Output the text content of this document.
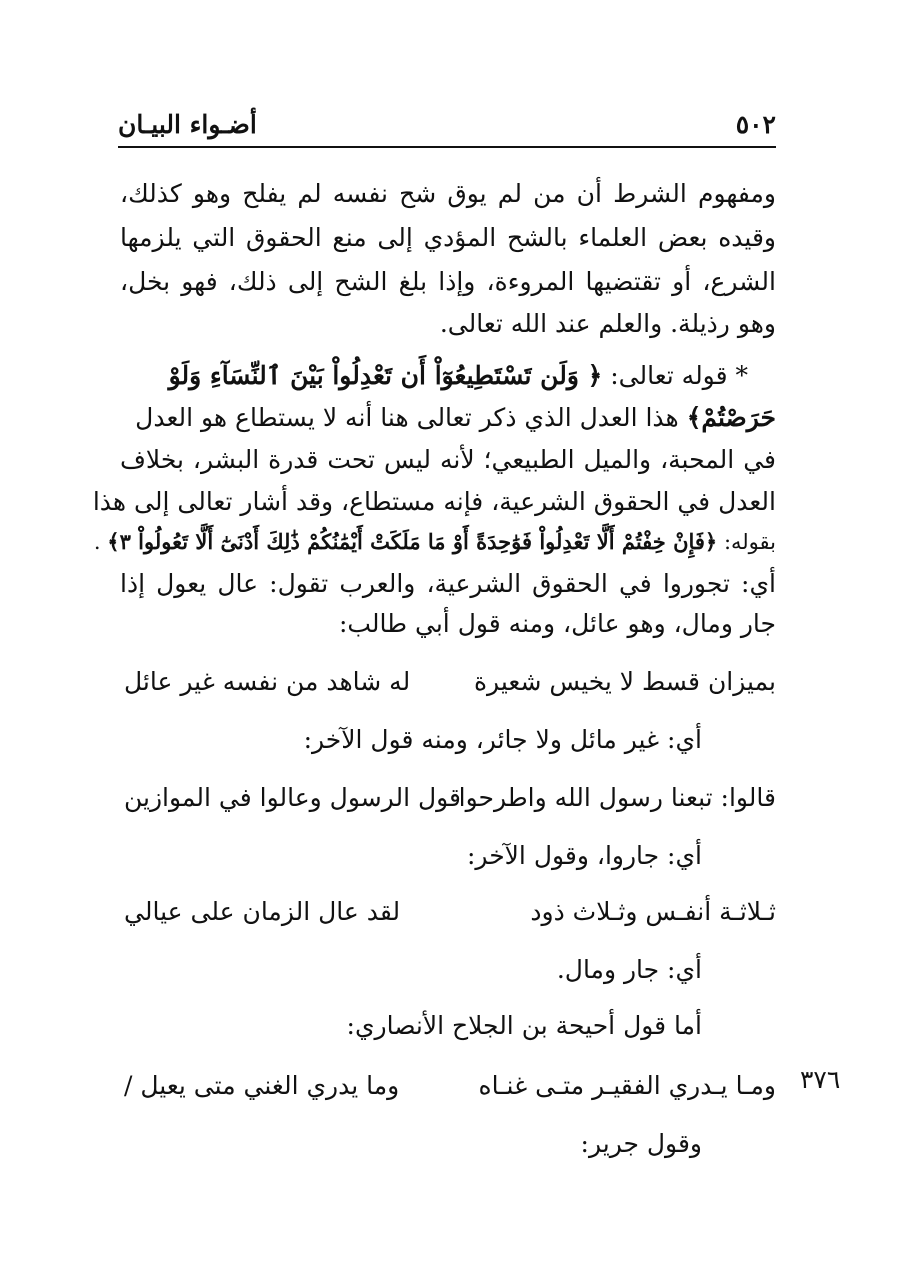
٥٠٢
أضـواء البيـان
ومفهوم الشرط أن من لم يوق شح نفسه لم يفلح وهو كذلك،
وقيده بعض العلماء بالشح المؤدي إلى منع الحقوق التي يلزمها
الشرع، أو تقتضيها المروءة، وإذا بلغ الشح إلى ذلك، فهو بخل،
وهو رذيلة. والعلم عند الله تعالى.
* قوله تعالى: ﴿ وَلَن تَسْتَطِيعُوٓاْ أَن تَعْدِلُواْ بَيْنَ ٱلنِّسَآءِ وَلَوْ
حَرَصْتُمْ﴾ هذا العدل الذي ذكر تعالى هنا أنه لا يستطاع هو العدل
في المحبة، والميل الطبيعي؛ لأنه ليس تحت قدرة البشر، بخلاف
العدل في الحقوق الشرعية، فإنه مستطاع، وقد أشار تعالى إلى هذا
بقوله: ﴿فَإِنْ خِفْتُمْ أَلَّا تَعْدِلُواْ فَوَٰحِدَةً أَوْ مَا مَلَكَتْ أَيْمَٰنُكُمْ ذَٰلِكَ أَدْنَىٰٓ أَلَّا تَعُولُواْ ٣﴾ .
أي: تجوروا في الحقوق الشرعية، والعرب تقول: عال يعول إذا
جار ومال، وهو عائل، ومنه قول أبي طالب:
بميزان قسط لا يخيس شعيرة
له شاهد من نفسه غير عائل
أي: غير مائل ولا جائر، ومنه قول الآخر:
قالوا: تبعنا رسول الله واطرحوا
قول الرسول وعالوا في الموازين
أي: جاروا، وقول الآخر:
ثـلاثـة أنفـس وثـلاث ذود
لقد عال الزمان على عيالي
أي: جار ومال.
أما قول أحيحة بن الجلاح الأنصاري:
ومـا يـدري الفقيـر متـى غنـاه
وما يدري الغني متى يعيل /
وقول جرير:
٣٧٦
